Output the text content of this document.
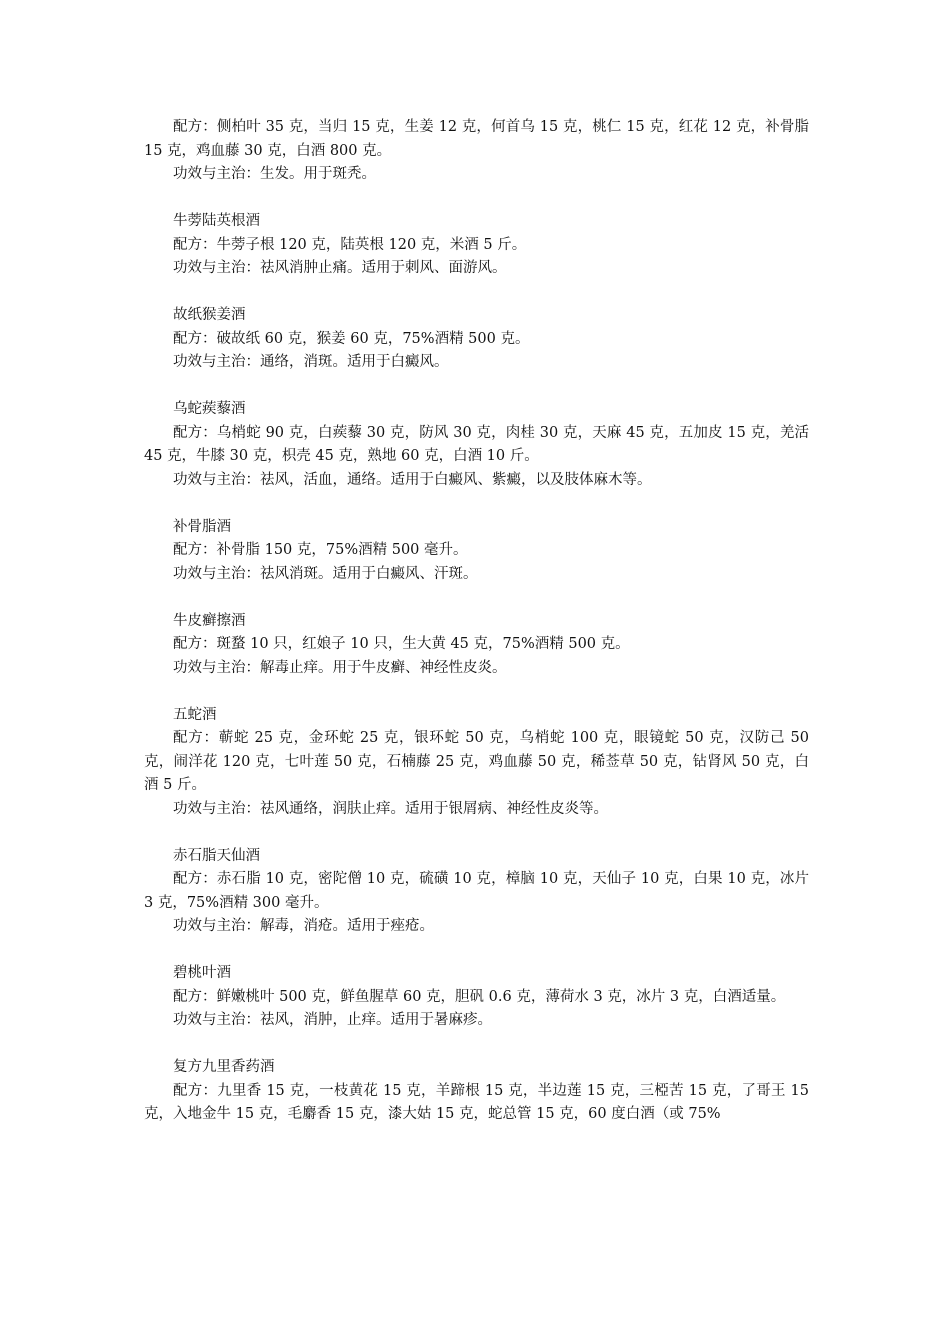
配方：侧柏叶 35 克，当归 15 克，生姜 12 克，何首乌 15 克，桃仁 15 克，红花 12 克，补骨脂 15 克，鸡血藤 30 克，白酒 800 克。

功效与主治：生发。用于斑秃。

牛蒡陆英根酒

配方：牛蒡子根 120 克，陆英根 120 克，米酒 5 斤。

功效与主治：祛风消肿止痛。适用于刺风、面游风。

故纸猴姜酒

配方：破故纸 60 克，猴姜 60 克，75%酒精 500 克。

功效与主治：通络，消斑。适用于白癜风。

乌蛇蒺藜酒

配方：乌梢蛇 90 克，白蒺藜 30 克，防风 30 克，肉桂 30 克，天麻 45 克，五加皮 15 克，羌活 45 克，牛膝 30 克，枳壳 45 克，熟地 60 克，白酒 10 斤。

功效与主治：祛风，活血，通络。适用于白癜风、紫癜，以及肢体麻木等。

补骨脂酒

配方：补骨脂 150 克，75%酒精 500 毫升。

功效与主治：祛风消斑。适用于白癜风、汗斑。

牛皮癣擦酒

配方：斑蝥 10 只，红娘子 10 只，生大黄 45 克，75%酒精 500 克。

功效与主治：解毒止痒。用于牛皮癣、神经性皮炎。

五蛇酒

配方：蕲蛇 25 克，金环蛇 25 克，银环蛇 50 克，乌梢蛇 100 克，眼镜蛇 50 克，汉防己 50 克，闹洋花 120 克，七叶莲 50 克，石楠藤 25 克，鸡血藤 50 克，稀莶草 50 克，钻肾风 50 克，白酒 5 斤。

功效与主治：祛风通络，润肤止痒。适用于银屑病、神经性皮炎等。

赤石脂天仙酒

配方：赤石脂 10 克，密陀僧 10 克，硫磺 10 克，樟脑 10 克，天仙子 10 克，白果 10 克，冰片 3 克，75%酒精 300 毫升。

功效与主治：解毒，消疮。适用于痤疮。

碧桃叶酒

配方：鲜嫩桃叶 500 克，鲜鱼腥草 60 克，胆矾 0.6 克，薄荷水 3 克，冰片 3 克，白酒适量。

功效与主治：祛风，消肿，止痒。适用于暑麻疹。

复方九里香药酒

配方：九里香 15 克，一枝黄花 15 克，羊蹄根 15 克，半边莲 15 克，三椏苦 15 克，了哥王 15 克，入地金牛 15 克，毛麝香 15 克，漆大姑 15 克，蛇总管 15 克，60 度白酒（或 75%
